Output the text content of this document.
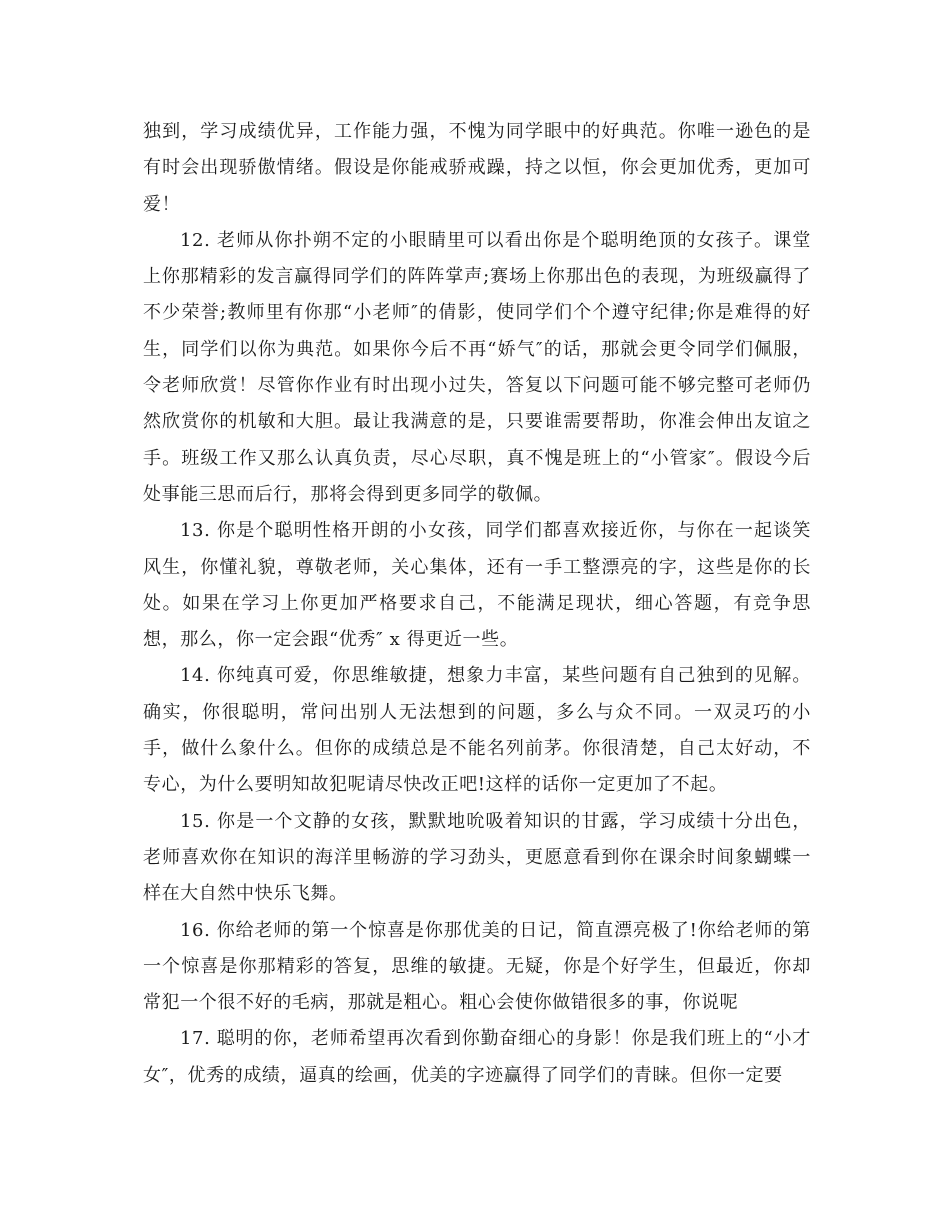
独到，学习成绩优异，工作能力强，不愧为同学眼中的好典范。你唯一逊色的是有时会出现骄傲情绪。假设是你能戒骄戒躁，持之以恒，你会更加优秀，更加可爱！

12. 老师从你扑朔不定的小眼睛里可以看出你是个聪明绝顶的女孩子。课堂上你那精彩的发言赢得同学们的阵阵掌声;赛场上你那出色的表现，为班级赢得了不少荣誉;教师里有你那“小老师″的倩影，使同学们个个遵守纪律;你是难得的好生，同学们以你为典范。如果你今后不再“娇气″的话，那就会更令同学们佩服，令老师欣赏！尽管你作业有时出现小过失，答复以下问题可能不够完整可老师仍然欣赏你的机敏和大胆。最让我满意的是，只要谁需要帮助，你准会伸出友谊之手。班级工作又那么认真负责，尽心尽职，真不愧是班上的“小管家″。假设今后处事能三思而后行，那将会得到更多同学的敬佩。

13. 你是个聪明性格开朗的小女孩，同学们都喜欢接近你，与你在一起谈笑风生，你懂礼貌，尊敬老师，关心集体，还有一手工整漂亮的字，这些是你的长处。如果在学习上你更加严格要求自己，不能满足现状，细心答题，有竞争思想，那么，你一定会跟“优秀″ x 得更近一些。

14. 你纯真可爱，你思维敏捷，想象力丰富，某些问题有自己独到的见解。确实，你很聪明，常问出别人无法想到的问题，多么与众不同。一双灵巧的小手，做什么象什么。但你的成绩总是不能名列前茅。你很清楚，自己太好动，不专心，为什么要明知故犯呢请尽快改正吧!这样的话你一定更加了不起。

15. 你是一个文静的女孩，默默地吮吸着知识的甘露，学习成绩十分出色，老师喜欢你在知识的海洋里畅游的学习劲头，更愿意看到你在课余时间象蝴蝶一样在大自然中快乐飞舞。

16. 你给老师的第一个惊喜是你那优美的日记，简直漂亮极了!你给老师的第一个惊喜是你那精彩的答复，思维的敏捷。无疑，你是个好学生，但最近，你却常犯一个很不好的毛病，那就是粗心。粗心会使你做错很多的事，你说呢

17. 聪明的你，老师希望再次看到你勤奋细心的身影！你是我们班上的“小才女″，优秀的成绩，逼真的绘画，优美的字迹赢得了同学们的青睐。但你一定要
